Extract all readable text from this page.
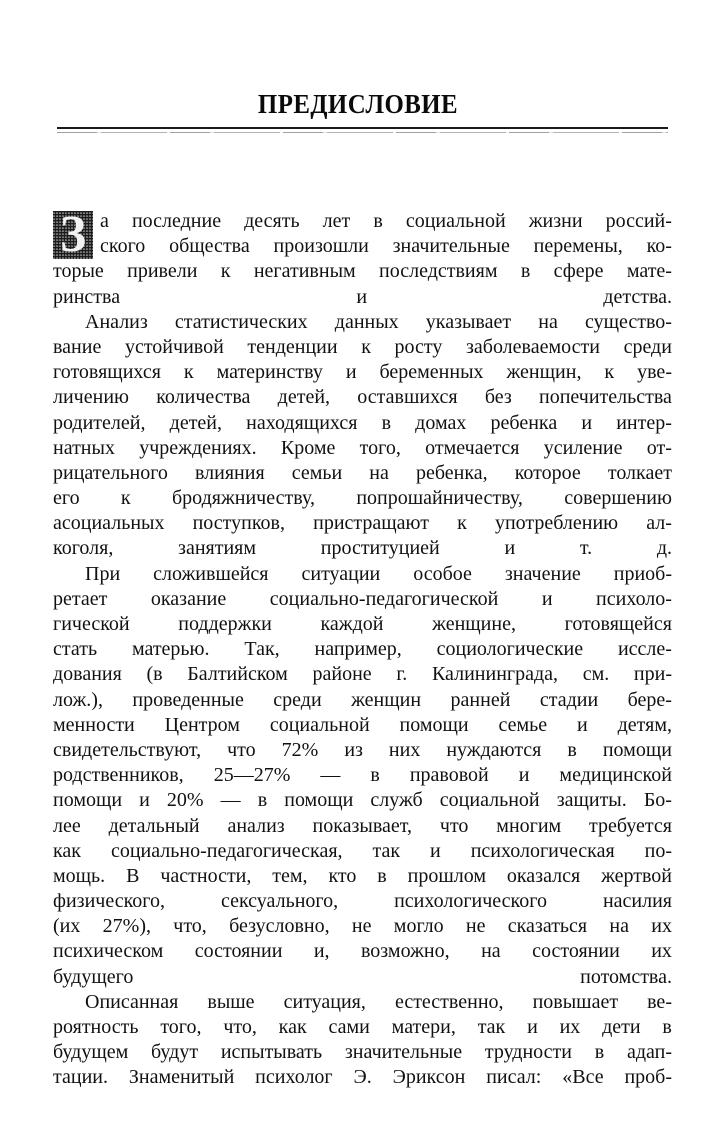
ПРЕДИСЛОВИЕ
З а последние десять лет в социальной жизни россий-
ского общества произошли значительные перемены, ко-
торые привели к негативным последствиям в сфере мате-
ринства и детства.
Анализ статистических данных указывает на существо-
вание устойчивой тенденции к росту заболеваемости среди
готовящихся к материнству и беременных женщин, к уве-
личению количества детей, оставшихся без попечительства
родителей, детей, находящихся в домах ребенка и интер-
натных учреждениях. Кроме того, отмечается усиление от-
рицательного влияния семьи на ребенка, которое толкает
его к бродяжничеству, попрошайничеству, совершению
асоциальных поступков, пристращают к употреблению ал-
коголя, занятиям проституцией и т. д.
При сложившейся ситуации особое значение приоб-
ретает оказание социально-педагогической и психоло-
гической поддержки каждой женщине, готовящейся
стать матерью. Так, например, социологические иссле-
дования (в Балтийском районе г. Калининграда, см. при-
лож.), проведенные среди женщин ранней стадии бере-
менности Центром социальной помощи семье и детям,
свидетельствуют, что 72% из них нуждаются в помощи
родственников, 25—27% — в правовой и медицинской
помощи и 20% — в помощи служб социальной защиты. Бо-
лее детальный анализ показывает, что многим требуется
как социально-педагогическая, так и психологическая по-
мощь. В частности, тем, кто в прошлом оказался жертвой
физического,	сексуального,	психологического	насилия
(их 27%), что, безусловно, не могло не сказаться на их
психическом состоянии и, возможно, на состоянии их
будущего потомства.
Описанная выше ситуация, естественно, повышает ве-
роятность того, что, как сами матери, так и их дети в
будущем будут испытывать значительные трудности в адап-
тации. Знаменитый психолог Э. Эриксон писал: «Все проб-
